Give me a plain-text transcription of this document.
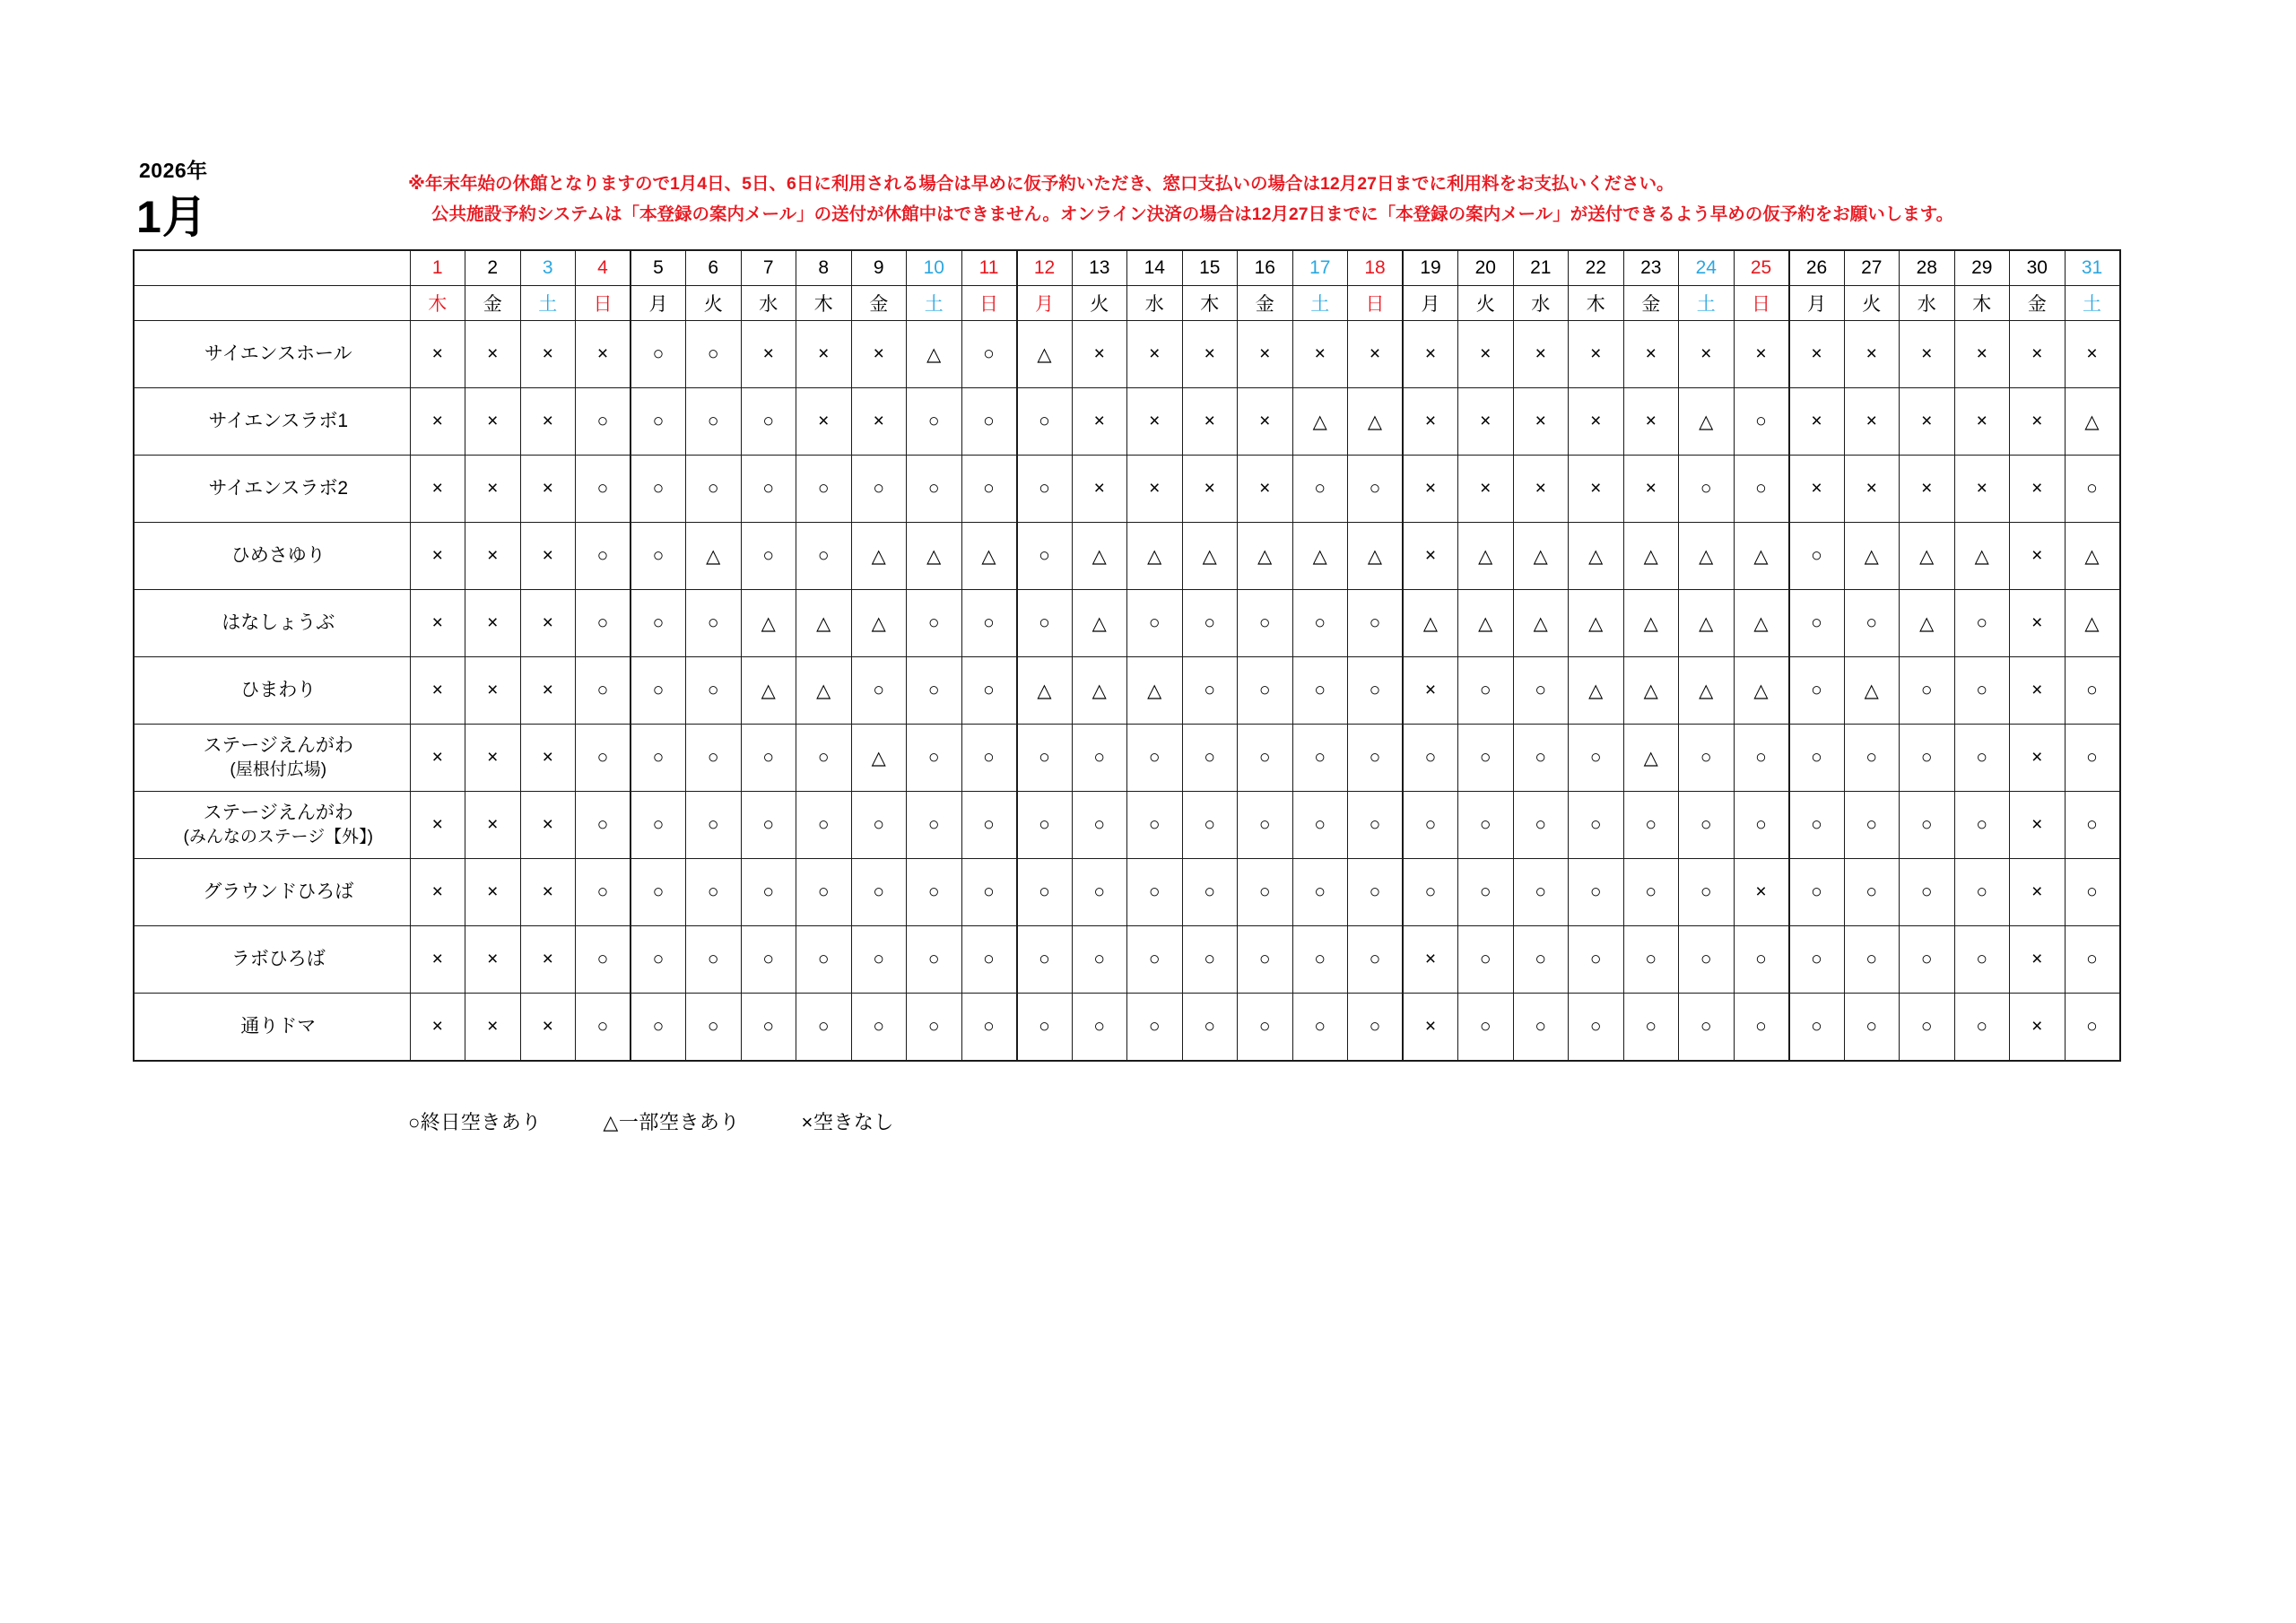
2026年
1月
※年末年始の休館となりますので1月4日、5日、6日に利用される場合は早めに仮予約いただき、窓口支払いの場合は12月27日までに利用料をお支払いください。
公共施設予約システムは「本登録の案内メール」の送付が休館中はできません。オンライン決済の場合は12月27日までに「本登録の案内メール」が送付できるよう早めの仮予約をお願いします。
	1	2	3	4	5	6	7	8	9	10	11	12	13	14	15	16	17	18	19	20	21	22	23	24	25	26	27	28	29	30	31
	木	金	土	日	月	火	水	木	金	土	日	月	火	水	木	金	土	日	月	火	水	木	金	土	日	月	火	水	木	金	土
サイエンスホール	×	×	×	×	○	○	×	×	×	△	○	△	×	×	×	×	×	×	×	×	×	×	×	×	×	×	×	×	×	×	×
サイエンスラボ1	×	×	×	○	○	○	○	×	×	○	○	○	×	×	×	×	△	△	×	×	×	×	×	△	○	×	×	×	×	×	△
サイエンスラボ2	×	×	×	○	○	○	○	○	○	○	○	○	×	×	×	×	○	○	×	×	×	×	×	○	○	×	×	×	×	×	○
ひめさゆり	×	×	×	○	○	△	○	○	△	△	△	○	△	△	△	△	△	△	×	△	△	△	△	△	△	○	△	△	△	×	△
はなしょうぶ	×	×	×	○	○	○	△	△	△	○	○	○	△	○	○	○	○	○	△	△	△	△	△	△	△	○	○	△	○	×	△
ひまわり	×	×	×	○	○	○	△	△	○	○	○	△	△	△	○	○	○	○	×	○	○	△	△	△	△	○	△	○	○	×	○
ステージえんがわ
(屋根付広場)	×	×	×	○	○	○	○	○	△	○	○	○	○	○	○	○	○	○	○	○	○	○	△	○	○	○	○	○	○	×	○
ステージえんがわ
(みんなのステージ【外】)	×	×	×	○	○	○	○	○	○	○	○	○	○	○	○	○	○	○	○	○	○	○	○	○	○	○	○	○	○	×	○
グラウンドひろば	×	×	×	○	○	○	○	○	○	○	○	○	○	○	○	○	○	○	○	○	○	○	○	○	×	○	○	○	○	×	○
ラボひろば	×	×	×	○	○	○	○	○	○	○	○	○	○	○	○	○	○	○	×	○	○	○	○	○	○	○	○	○	○	×	○
通りドマ	×	×	×	○	○	○	○	○	○	○	○	○	○	○	○	○	○	○	×	○	○	○	○	○	○	○	○	○	○	×	○
○終日空きあり	△一部空きあり	×空きなし
